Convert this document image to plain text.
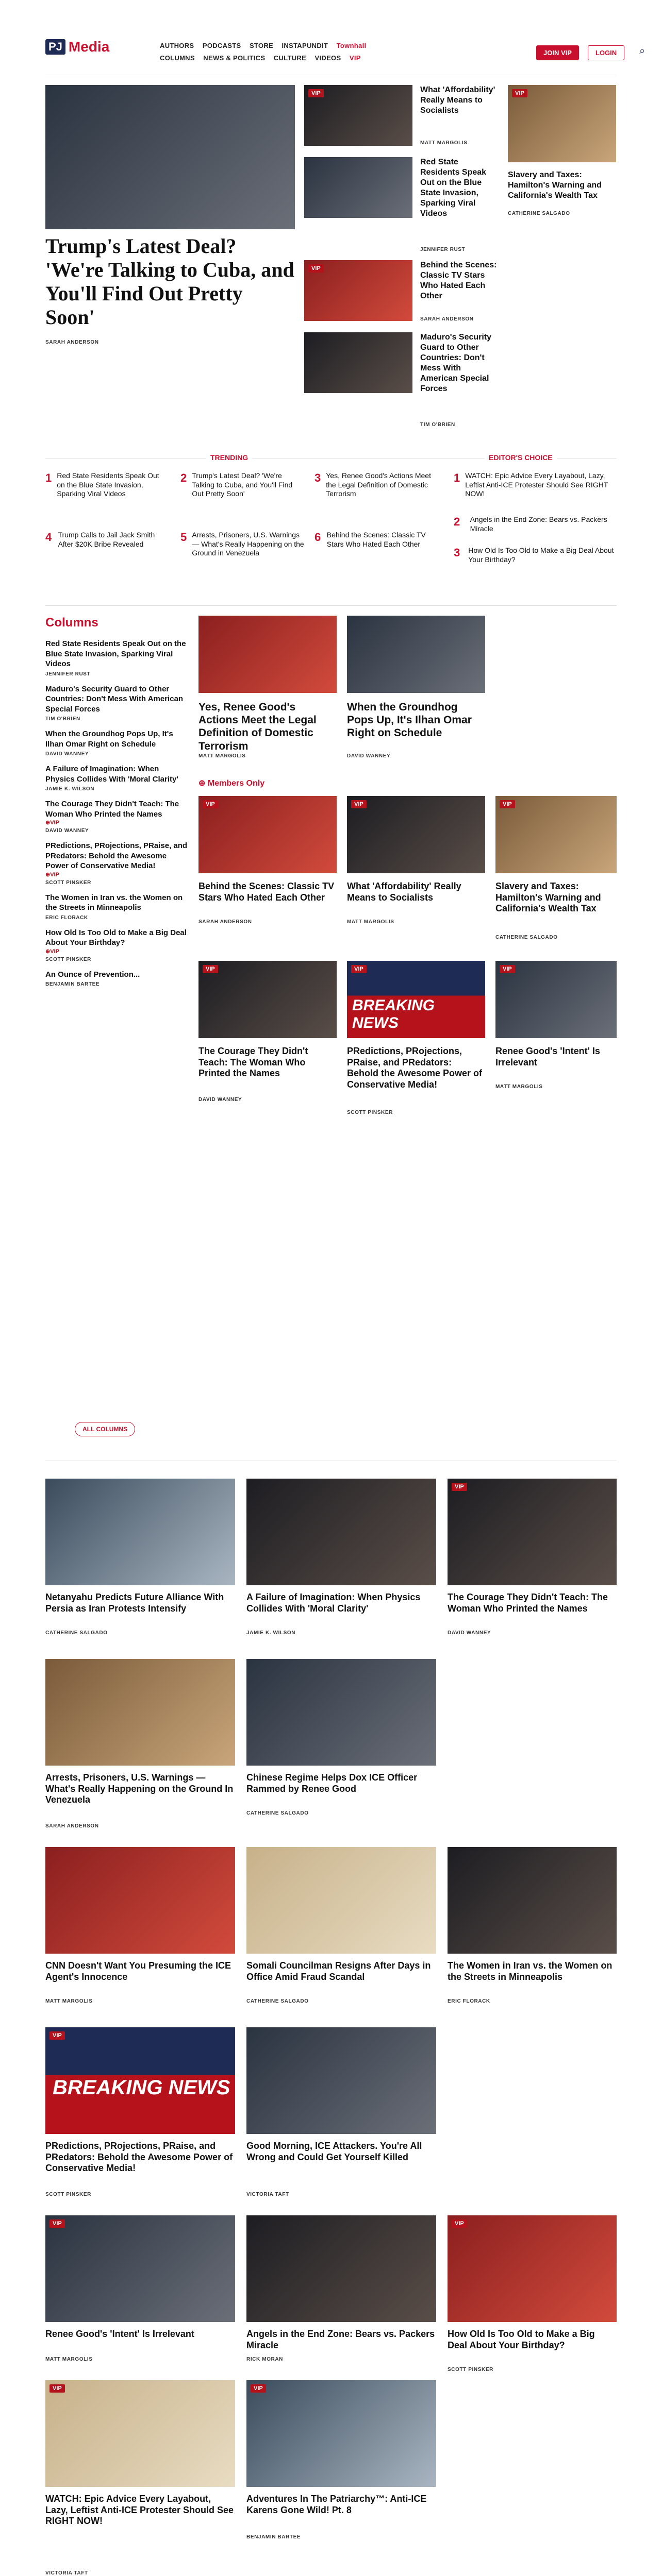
PJ Media	AUTHORS PODCASTS STORE INSTAPUNDIT Townhall
COLUMNS NEWS & POLITICS CULTURE VIDEOS VIP
JOIN VIP	LOGIN	⌕
Trump's Latest Deal? 'We're Talking to Cuba, and You'll Find Out Pretty Soon'
SARAH ANDERSON
VIP	What 'Affordability' Really Means to Socialists
MATT MARGOLIS
Red State Residents Speak Out on the Blue State Invasion, Sparking Viral Videos
JENNIFER RUST
VIP	Behind the Scenes: Classic TV Stars Who Hated Each Other
SARAH ANDERSON
Maduro's Security Guard to Other Countries: Don't Mess With American Special Forces
TIM O'BRIEN
VIP
Slavery and Taxes: Hamilton's Warning and California's Wealth Tax
CATHERINE SALGADO
TRENDING	EDITOR'S CHOICE
1 Red State Residents Speak Out on the Blue State Invasion, Sparking Viral Videos
2 Trump's Latest Deal? 'We're Talking to Cuba, and You'll Find Out Pretty Soon'
3 Yes, Renee Good's Actions Meet the Legal Definition of Domestic Terrorism
4 Trump Calls to Jail Jack Smith After $20K Bribe Revealed
5 Arrests, Prisoners, U.S. Warnings — What's Really Happening on the Ground in Venezuela
6 Behind the Scenes: Classic TV Stars Who Hated Each Other
1 WATCH: Epic Advice Every Layabout, Lazy, Leftist Anti-ICE Protester Should See RIGHT NOW!
2	Angels in the End Zone: Bears vs. Packers Miracle
3	How Old Is Too Old to Make a Big Deal About Your Birthday?
Columns
Red State Residents Speak Out on the Blue State Invasion, Sparking Viral Videos
JENNIFER RUST
Maduro's Security Guard to Other Countries: Don't Mess With American Special Forces
TIM O'BRIEN
When the Groundhog Pops Up, It's Ilhan Omar Right on Schedule
DAVID WANNEY
A Failure of Imagination: When Physics Collides With 'Moral Clarity'
JAMIE K. WILSON
The Courage They Didn't Teach: The Woman Who Printed the Names
⊕VIP
DAVID WANNEY
PRedictions, PRojections, PRaise, and PRedators: Behold the Awesome Power of Conservative Media!
⊕VIP
SCOTT PINSKER
The Women in Iran vs. the Women on the Streets in Minneapolis
ERIC FLORACK
How Old Is Too Old to Make a Big Deal About Your Birthday?
⊕VIP
SCOTT PINSKER
An Ounce of Prevention...
BENJAMIN BARTEE
ALL COLUMNS
Yes, Renee Good's Actions Meet the Legal Definition of Domestic Terrorism
MATT MARGOLIS
When the Groundhog Pops Up, It's Ilhan Omar Right on Schedule
DAVID WANNEY
⊕ Members Only
VIP
Behind the Scenes: Classic TV Stars Who Hated Each Other
SARAH ANDERSON
VIP
What 'Affordability' Really Means to Socialists
MATT MARGOLIS
VIP
Slavery and Taxes: Hamilton's Warning and California's Wealth Tax
CATHERINE SALGADO
VIP
The Courage They Didn't Teach: The Woman Who Printed the Names
DAVID WANNEY
VIP
BREAKING NEWS
PRedictions, PRojections, PRaise, and PRedators: Behold the Awesome Power of Conservative Media!
SCOTT PINSKER
VIP
Renee Good's 'Intent' Is Irrelevant
MATT MARGOLIS
Netanyahu Predicts Future Alliance With Persia as Iran Protests Intensify
CATHERINE SALGADO
A Failure of Imagination: When Physics Collides With 'Moral Clarity'
JAMIE K. WILSON
VIP
The Courage They Didn't Teach: The Woman Who Printed the Names
DAVID WANNEY
Arrests, Prisoners, U.S. Warnings — What's Really Happening on the Ground In Venezuela
SARAH ANDERSON
Chinese Regime Helps Dox ICE Officer Rammed by Renee Good
CATHERINE SALGADO
CNN Doesn't Want You Presuming the ICE Agent's Innocence
MATT MARGOLIS
Somali Councilman Resigns After Days in Office Amid Fraud Scandal
CATHERINE SALGADO
The Women in Iran vs. the Women on the Streets in Minneapolis
ERIC FLORACK
VIP
BREAKING NEWS
PRedictions, PRojections, PRaise, and PRedators: Behold the Awesome Power of Conservative Media!
SCOTT PINSKER
Good Morning, ICE Attackers. You're All Wrong and Could Get Yourself Killed
VICTORIA TAFT
VIP
Renee Good's 'Intent' Is Irrelevant
MATT MARGOLIS
Angels in the End Zone: Bears vs. Packers Miracle
RICK MORAN
VIP
How Old Is Too Old to Make a Big Deal About Your Birthday?
SCOTT PINSKER
VIP
WATCH: Epic Advice Every Layabout, Lazy, Leftist Anti-ICE Protester Should See RIGHT NOW!
VICTORIA TAFT
VIP
Adventures In The Patriarchy™: Anti-ICE Karens Gone Wild! Pt. 8
BENJAMIN BARTEE
